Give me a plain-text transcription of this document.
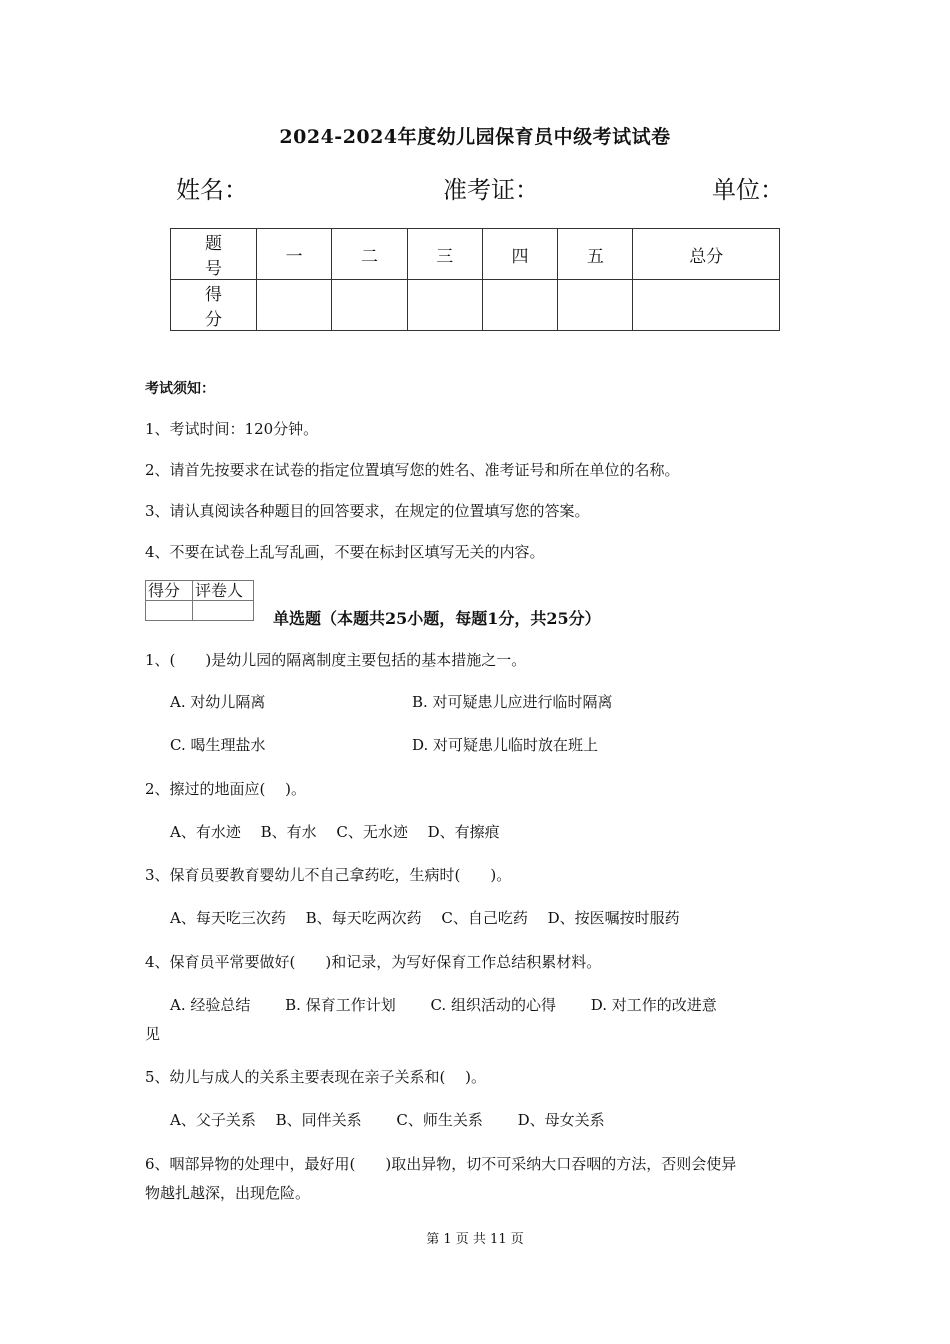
2024-2024年度幼儿园保育员中级考试试卷
姓名：	准考证：	单位：
题 号	一	二	三	四	五	总分
得 分						
考试须知：
1、考试时间：120分钟。
2、请首先按要求在试卷的指定位置填写您的姓名、准考证号和所在单位的名称。
3、请认真阅读各种题目的回答要求，在规定的位置填写您的答案。
4、不要在试卷上乱写乱画，不要在标封区填写无关的内容。
得分	评卷人

单选题（本题共25小题，每题1分，共25分）
1、(　　)是幼儿园的隔离制度主要包括的基本措施之一。
A. 对幼儿隔离	B. 对可疑患儿应进行临时隔离
C. 喝生理盐水	D. 对可疑患儿临时放在班上
2、擦过的地面应(　 )。
A、有水迹　 B、有水　 C、无水迹　 D、有擦痕
3、保育员要教育婴幼儿不自己拿药吃，生病时(　　)。
A、每天吃三次药　 B、每天吃两次药　 C、自己吃药　 D、按医嘱按时服药
4、保育员平常要做好(　　)和记录，为写好保育工作总结积累材料。
A. 经验总结　　 B. 保育工作计划　　 C. 组织活动的心得　　 D. 对工作的改进意
见
5、幼儿与成人的关系主要表现在亲子关系和(　 )。
A、父子关系　 B、同伴关系　　 C、师生关系　　 D、母女关系
6、咽部异物的处理中，最好用(　　)取出异物，切不可采纳大口吞咽的方法，否则会使异
物越扎越深，出现危险。
第 1 页 共 11 页
